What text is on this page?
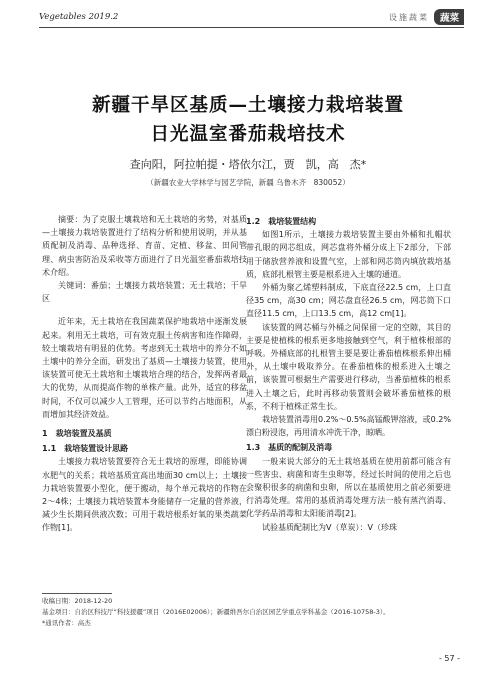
Vegetables 2019.2	设施蔬菜	蔬菜
新疆干旱区基质—土壤接力栽培装置
日光温室番茄栽培技术
查向阳，阿拉帕提・塔依尔江，贾　凯，高　杰*
（新疆农业大学林学与园艺学院，新疆 乌鲁木齐　830052）

摘要：为了克服土壤栽培和无土栽培的劣势，对基质—土壤接力栽培装置进行了结构分析和使用说明，并从基质配制及消毒、品种选择、育苗、定植、移盆、田间管理、病虫害防治及采收等方面进行了日光温室番茄栽培技术介绍。

关键词：番茄；土壤接力栽培装置；无土栽培；干旱区

近年来，无土栽培在我国蔬菜保护地栽培中逐渐发展起来。利用无土栽培，可有效克服土传病害和连作障碍，较土壤栽培有明显的优势。考虑到无土栽培中的养分不如土壤中的养分全面，研发出了基质—土壤接力装置，使用该装置可使无土栽培和土壤栽培合理的结合，发挥两者最大的优势，从而提高作物的单株产量。此外，适宜的移盆时间，不仅可以减少人工管理，还可以节约占地面积，从而增加其经济效益。

1　栽培装置及基质
1.1　栽培装置设计思路

土壤接力栽培装置要符合无土栽培的原理，即能协调水肥气的关系；栽培基质宜高出地面30 cm以上；土壤接力栽培装置要小型化，便于搬动，每个单元栽培的作物在2～4株；土壤接力栽培装置本身能储存一定量的营养液，减少生长期间供液次数；可用于栽培根系好氧的果类蔬菜作物[1]。

1.2　栽培装置结构

如图1所示，土壤接力栽培装置主要由外桶和扎帽状带孔眼的网芯组成，网芯盘将外桶分成上下2部分，下部用于储放营养液和设置气室，上部和网芯筒内填放栽培基质，底部扎根管主要是根系进入土壤的通道。

外桶为聚乙烯塑料制成，下底直径22.5 cm，上口直径35 cm，高30 cm；网芯盘直径26.5 cm，网芯筒下口直径11.5 cm，上口13.5 cm，高12 cm[1]。

该装置的网芯桶与外桶之间保留一定的空隙，其目的主要是使植株的根系更多地接触到空气，利于植株根部的呼吸。外桶底部的扎根管主要是要让番茄植株根系伸出桶外，从土壤中吸取养分。在番茄植株的根系进入土壤之前，该装置可根据生产需要进行移动，当番茄植株的根系进入土壤之后，此时再移动装置则会破坏番茄植株的根系，不利于植株正常生长。

栽培装置消毒用0.2%～0.5%高锰酸钾溶液，或0.2%漂白粉浸泡，再用清水冲洗干净，晾晒。

1.3　基质的配制及消毒

一般来说大部分的无土栽培基质在使用前都可能含有一些害虫、病菌和寄生虫卵等，经过长时间的使用之后也会聚积很多的病菌和虫卵，所以在基质使用之前必须要进行消毒处理。常用的基质消毒处理方法一般有蒸汽消毒、化学药品消毒和太阳能消毒[2]。

试验基质配制比为V（草炭）：V（珍珠

收稿日期：2018-12-20
基金项目：自治区科技厅“科技援疆”项目（2016E02006）；新疆维吾尔自治区园艺学重点学科基金（2016-10758-3）。
*通讯作者：高杰
- 57 -
